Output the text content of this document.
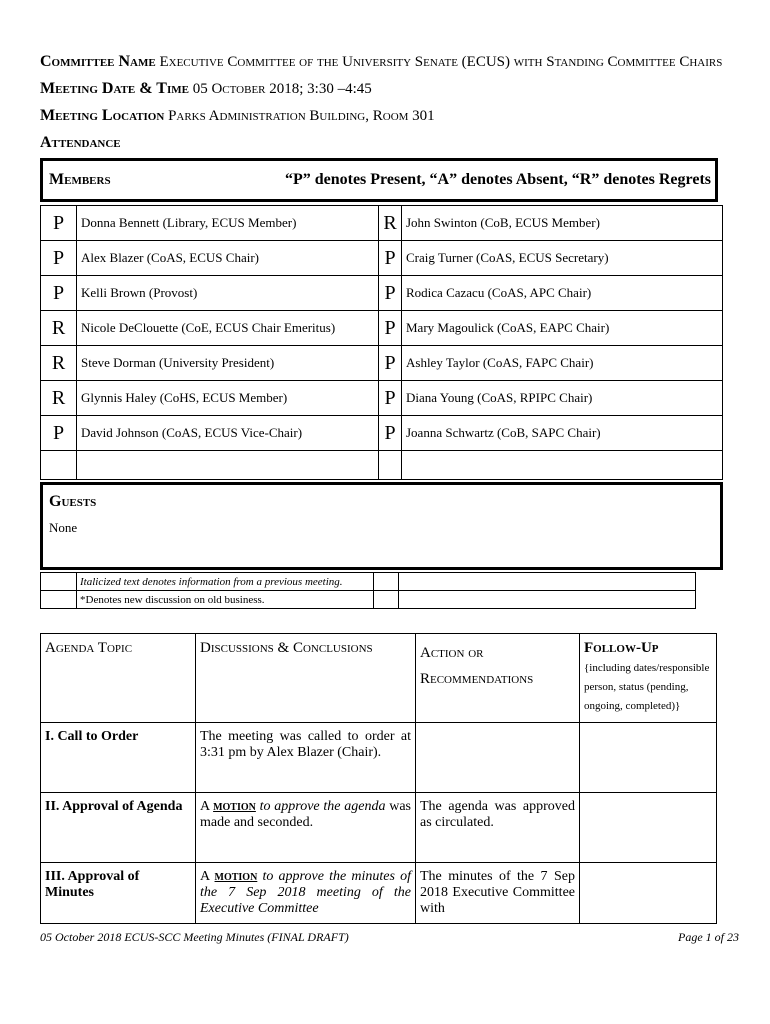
Committee Name Executive Committee of the University Senate (ECUS) with Standing Committee Chairs
Meeting Date & Time 05 October 2018; 3:30 –4:45
Meeting Location Parks Administration Building, Room 301
Attendance
Members	“P” denotes Present, “A” denotes Absent, “R” denotes Regrets
P	Donna Bennett (Library, ECUS Member)	R	John Swinton (CoB, ECUS Member)
P	Alex Blazer (CoAS, ECUS Chair)	P	Craig Turner (CoAS, ECUS Secretary)
P	Kelli Brown (Provost)	P	Rodica Cazacu (CoAS, APC Chair)
R	Nicole DeClouette (CoE, ECUS Chair Emeritus)	P	Mary Magoulick (CoAS, EAPC Chair)
R	Steve Dorman (University President)	P	Ashley Taylor (CoAS, FAPC Chair)
R	Glynnis Haley (CoHS, ECUS Member)	P	Diana Young (CoAS, RPIPC Chair)
P	David Johnson (CoAS, ECUS Vice-Chair)	P	Joanna Schwartz (CoB, SAPC Chair)

Guests
None
	Italicized text denotes information from a previous meeting.		
	*Denotes new discussion on old business.		
Agenda Topic	Discussions & Conclusions	Action or Recommendations	Follow-Up
{including dates/responsible person, status (pending, ongoing, completed)}

I. Call to Order	The meeting was called to order at 3:31 pm by Alex Blazer (Chair).		
II. Approval of Agenda	A motion to approve the agenda was made and seconded.	The agenda was approved as circulated.	
III. Approval of Minutes	A motion to approve the minutes of the 7 Sep 2018 meeting of the Executive Committee	The minutes of the 7 Sep 2018 Executive Committee with	
05 October 2018 ECUS-SCC Meeting Minutes (FINAL DRAFT)	Page 1 of 23
